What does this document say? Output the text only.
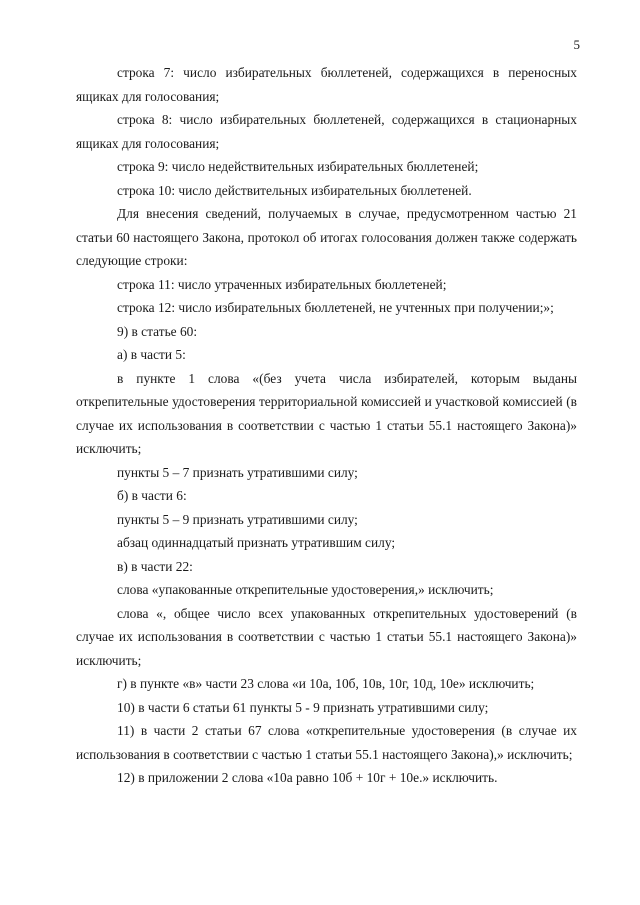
5

строка 7: число избирательных бюллетеней, содержащихся в переносных ящиках для голосования;

строка 8: число избирательных бюллетеней, содержащихся в стационарных ящиках для голосования;

строка 9: число недействительных избирательных бюллетеней;

строка 10: число действительных избирательных бюллетеней.

Для внесения сведений, получаемых в случае, предусмотренном частью 21 статьи 60 настоящего Закона, протокол об итогах голосования должен также содержать следующие строки:

строка 11: число утраченных избирательных бюллетеней;

строка 12: число избирательных бюллетеней, не учтенных при получении;»;

9) в статье 60:

а) в части 5:

в пункте 1 слова «(без учета числа избирателей, которым выданы открепительные удостоверения территориальной комиссией и участковой комиссией (в случае их использования в соответствии с частью 1 статьи 55.1 настоящего Закона)» исключить;

пункты 5 – 7 признать утратившими силу;

б) в части 6:

пункты 5 – 9 признать утратившими силу;

абзац одиннадцатый признать утратившим силу;

в) в части 22:

слова «упакованные открепительные удостоверения,» исключить;

слова «, общее число всех упакованных открепительных удостоверений (в случае их использования в соответствии с частью 1 статьи 55.1 настоящего Закона)» исключить;

г) в пункте «в» части 23 слова «и 10а, 10б, 10в, 10г, 10д, 10е» исключить;

10) в части 6 статьи 61 пункты 5 - 9 признать утратившими силу;

11) в части 2 статьи 67 слова «открепительные удостоверения (в случае их использования в соответствии с частью 1 статьи 55.1 настоящего Закона),» исключить;

12) в приложении 2 слова «10а равно 10б + 10г + 10е.» исключить.
